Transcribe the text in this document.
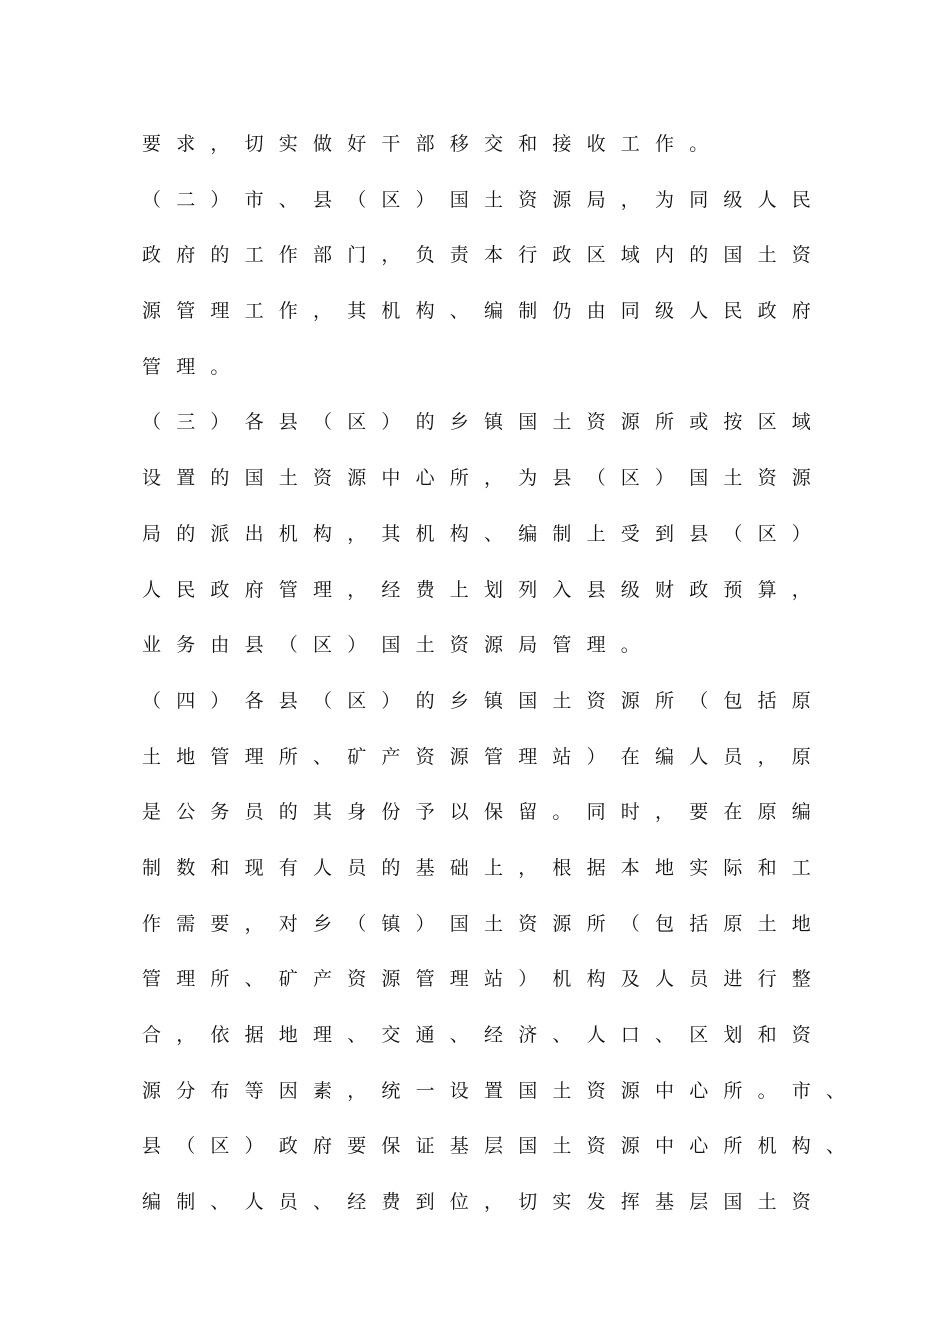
要求，切实做好干部移交和接收工作。
（二）市、县（区）国土资源局，为同级人民
政府的工作部门，负责本行政区域内的国土资
源管理工作，其机构、编制仍由同级人民政府
管理。
（三）各县（区）的乡镇国土资源所或按区域
设置的国土资源中心所，为县（区）国土资源
局的派出机构，其机构、编制上受到县（区）
人民政府管理，经费上划列入县级财政预算，
业务由县（区）国土资源局管理。
（四）各县（区）的乡镇国土资源所（包括原
土地管理所、矿产资源管理站）在编人员，原
是公务员的其身份予以保留。同时，要在原编
制数和现有人员的基础上，根据本地实际和工
作需要，对乡（镇）国土资源所（包括原土地
管理所、矿产资源管理站）机构及人员进行整
合，依据地理、交通、经济、人口、区划和资
源分布等因素，统一设置国土资源中心所。市、
县（区）政府要保证基层国土资源中心所机构、
编制、人员、经费到位，切实发挥基层国土资
